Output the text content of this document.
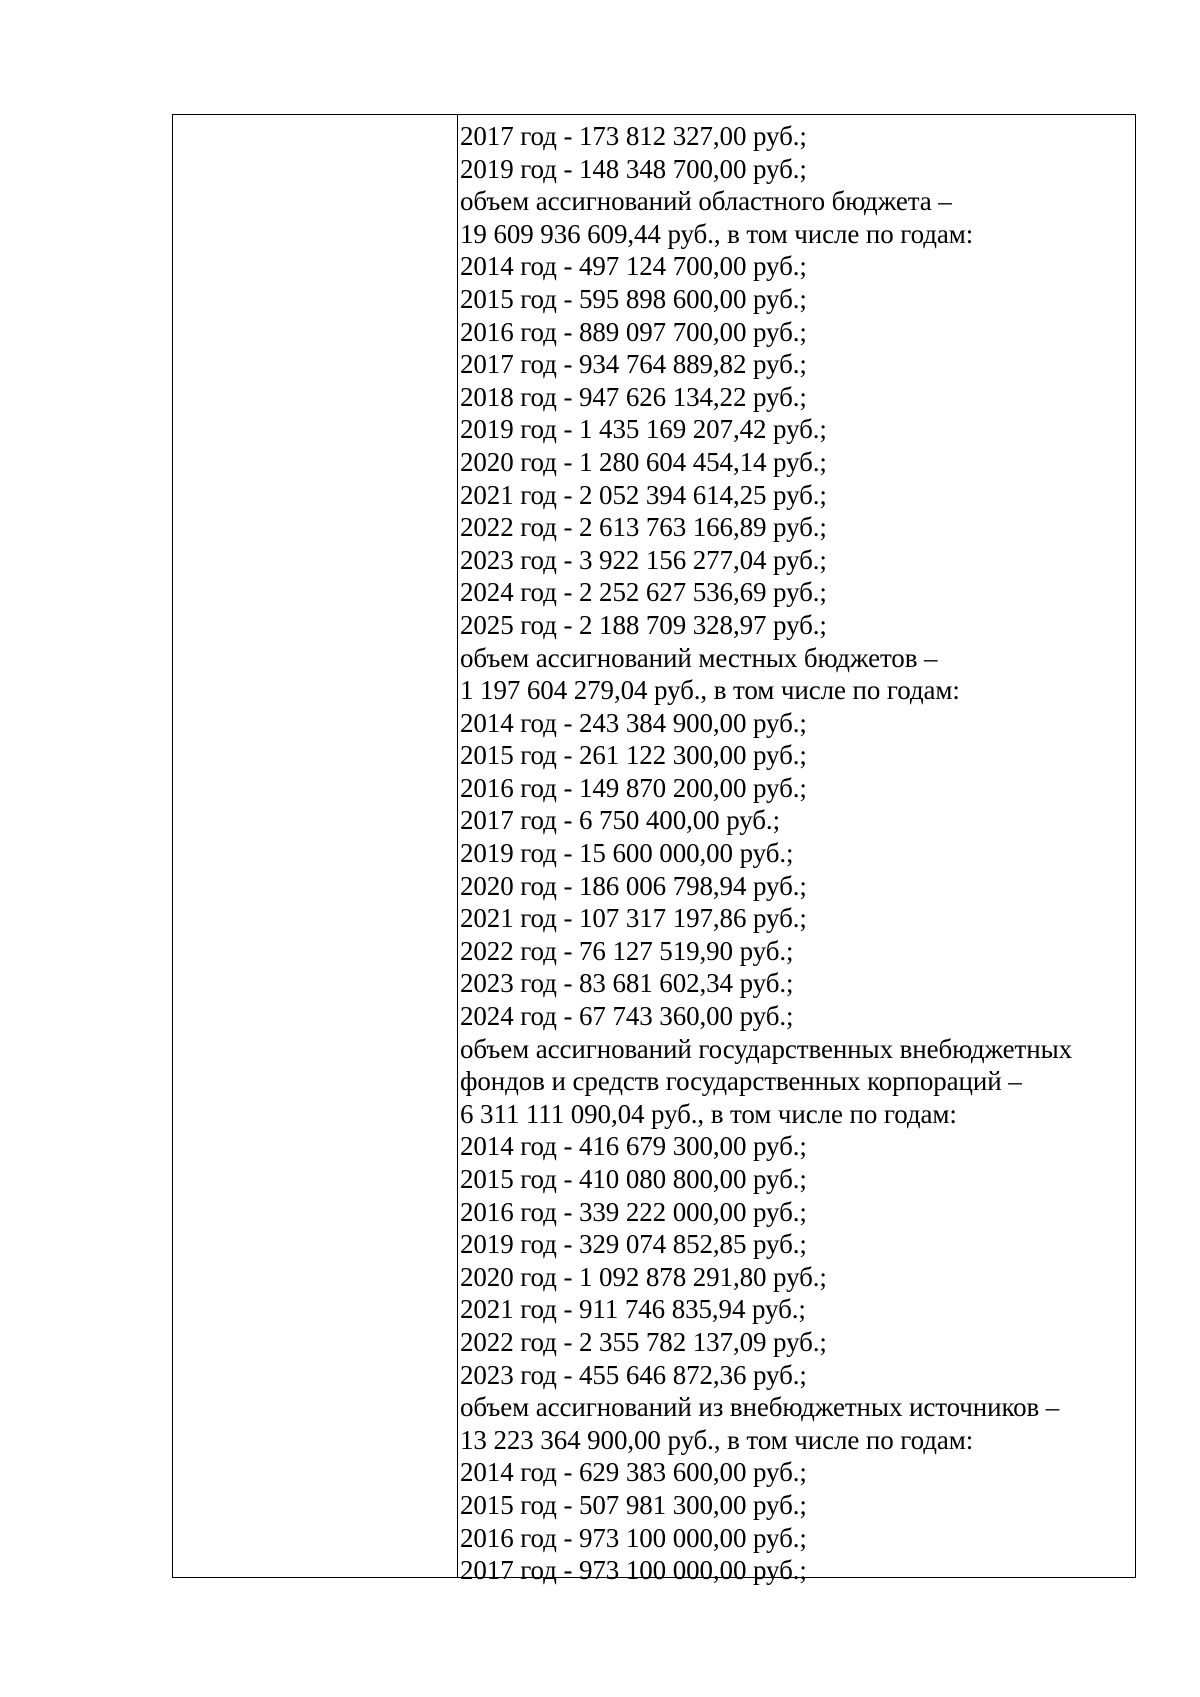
2017 год - 173 812 327,00 руб.;
2019 год - 148 348 700,00 руб.;
объем ассигнований областного бюджета –
19 609 936 609,44 руб., в том числе по годам:
2014 год - 497 124 700,00 руб.;
2015 год - 595 898 600,00 руб.;
2016 год - 889 097 700,00 руб.;
2017 год - 934 764 889,82 руб.;
2018 год - 947 626 134,22 руб.;
2019 год - 1 435 169 207,42 руб.;
2020 год - 1 280 604 454,14 руб.;
2021 год - 2 052 394 614,25 руб.;
2022 год - 2 613 763 166,89 руб.;
2023 год - 3 922 156 277,04 руб.;
2024 год - 2 252 627 536,69 руб.;
2025 год - 2 188 709 328,97 руб.;
объем ассигнований местных бюджетов –
1 197 604 279,04 руб., в том числе по годам:
2014 год - 243 384 900,00 руб.;
2015 год - 261 122 300,00 руб.;
2016 год - 149 870 200,00 руб.;
2017 год - 6 750 400,00 руб.;
2019 год - 15 600 000,00 руб.;
2020 год - 186 006 798,94 руб.;
2021 год - 107 317 197,86 руб.;
2022 год - 76 127 519,90 руб.;
2023 год - 83 681 602,34 руб.;
2024 год - 67 743 360,00 руб.;
объем ассигнований государственных внебюджетных
фондов и средств государственных корпораций –
6 311 111 090,04 руб., в том числе по годам:
2014 год - 416 679 300,00 руб.;
2015 год - 410 080 800,00 руб.;
2016 год - 339 222 000,00 руб.;
2019 год - 329 074 852,85 руб.;
2020 год - 1 092 878 291,80 руб.;
2021 год - 911 746 835,94 руб.;
2022 год - 2 355 782 137,09 руб.;
2023 год - 455 646 872,36 руб.;
объем ассигнований из внебюджетных источников –
13 223 364 900,00 руб., в том числе по годам:
2014 год - 629 383 600,00 руб.;
2015 год - 507 981 300,00 руб.;
2016 год - 973 100 000,00 руб.;
2017 год - 973 100 000,00 руб.;
